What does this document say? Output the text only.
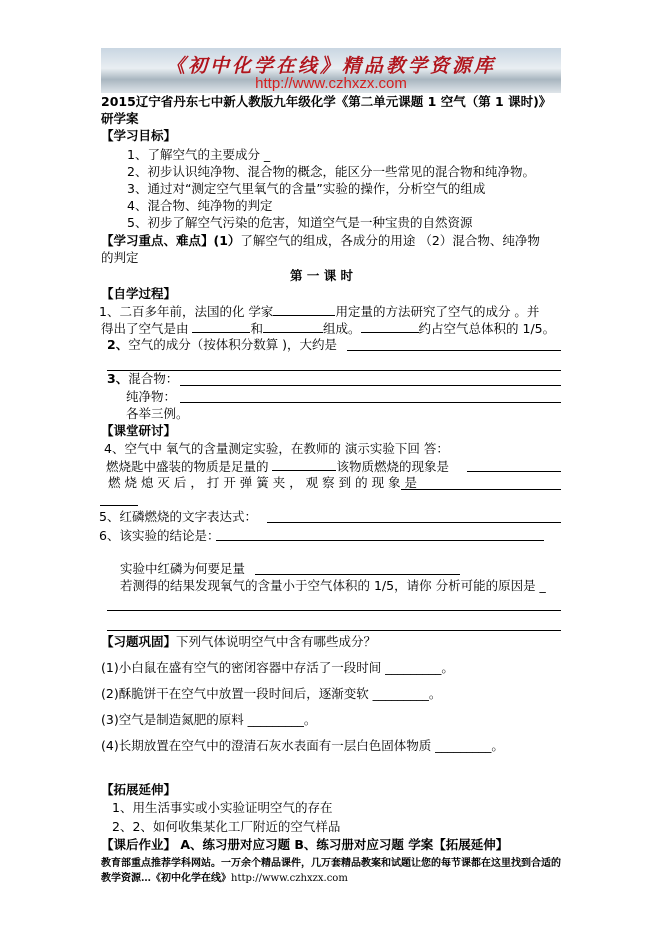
《初中化学在线》精品教学资源库
http://www.czhxzx.com
2015辽宁省丹东七中新人教版九年级化学《第二单元课题 1 空气（第 1 课时)》
研学案
【学习目标】
1、了解空气的主要成分 _
2、初步认识纯净物、混合物的概念，能区分一些常见的混合物和纯净物。
3、通过对“测定空气里氧气的含量”实验的操作，分析空气的组成
4、混合物、纯净物的判定
5、初步了解空气污染的危害，知道空气是一种宝贵的自然资源
【学习重点、难点】(1）了解空气的组成，各成分的用途 （2）混合物、纯净物
的判定
第 一 课 时
【自学过程】
1、二百多年前，法国的化 学家	用定量的方法研究了空气的成分 。并
得出了空气是由	和	组成。	约占空气总体积的 1/5。
2、空气的成分（按体积分数算 )，大约是
3、混合物：
纯净物：
各举三例。
【课堂研讨】
4、空气中 氧气的含量测定实验，在教师的 演示实验下回 答：
燃烧匙中盛装的物质是足量的	该物质燃烧的现象是
燃 烧 熄 灭 后 ， 打 开 弹 簧 夹 ， 观 察 到 的 现 象 是
5、红磷燃烧的文字表达式：
6、该实验的结论是：
实验中红磷为何要足量
若测得的结果发现氧气的含量小于空气体积的 1/5，请你 分析可能的原因是 _
【习题巩固】下列气体说明空气中含有哪些成分？
(1)小白鼠在盛有空气的密闭容器中存活了一段时间 _________。
(2)酥脆饼干在空气中放置一段时间后，逐渐变软 _________。
(3)空气是制造氮肥的原料 _________。
(4)长期放置在空气中的澄清石灰水表面有一层白色固体物质 _________。
【拓展延伸】
1、用生活事实或小实验证明空气的存在
2、2、如何收集某化工厂附近的空气样品
【课后作业】 A、练习册对应习题 B、练习册对应习题 学案【拓展延伸】
教育部重点推荐学科网站。一万余个精品课件，几万套精品教案和试题让您的每节课都在这里找到合适的
教学资源…《初中化学在线》http://www.czhxzx.com
